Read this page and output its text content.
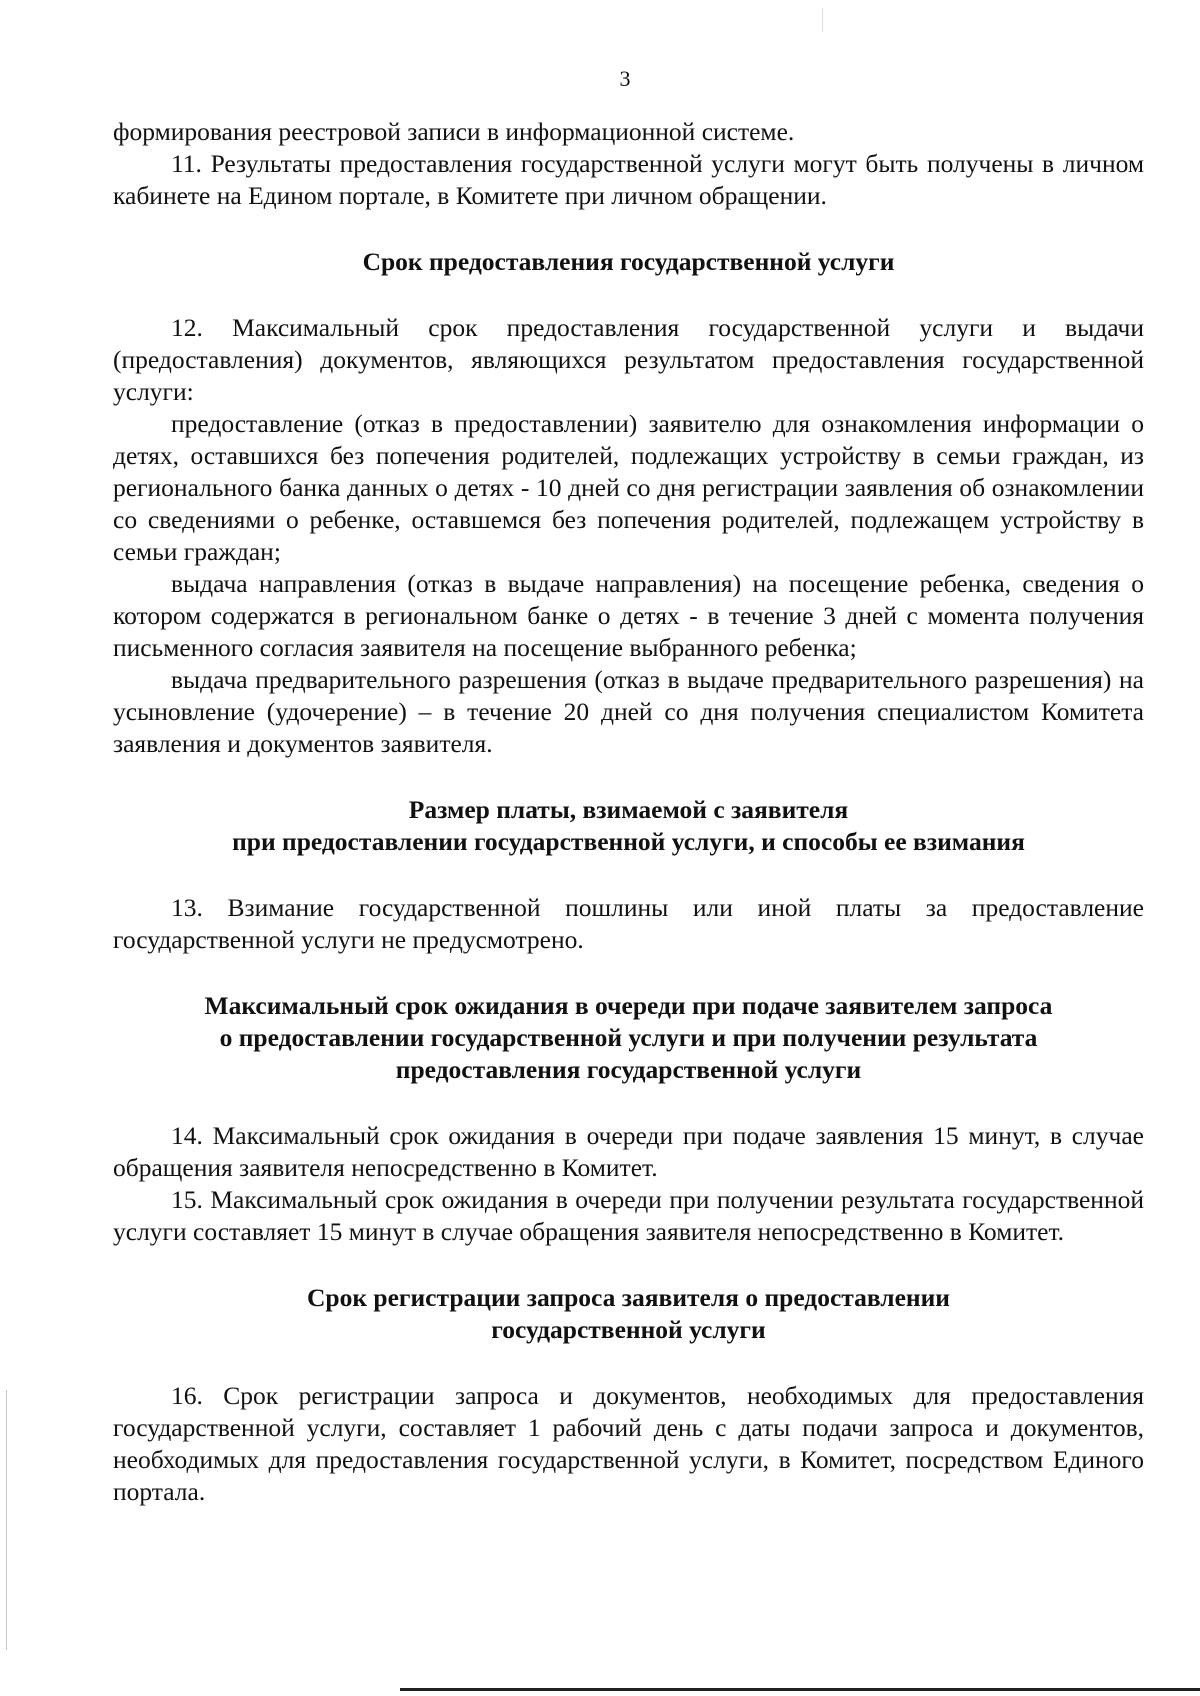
3

формирования реестровой записи в информационной системе.

11. Результаты предоставления государственной услуги могут быть получены в личном кабинете на Едином портале, в Комитете при личном обращении.

Срок предоставления государственной услуги

12. Максимальный срок предоставления государственной услуги и выдачи (предоставления) документов, являющихся результатом предоставления государственной услуги:

предоставление (отказ в предоставлении) заявителю для ознакомления информации о детях, оставшихся без попечения родителей, подлежащих устройству в семьи граждан, из регионального банка данных о детях - 10 дней со дня регистрации заявления об ознакомлении со сведениями о ребенке, оставшемся без попечения родителей, подлежащем устройству в семьи граждан;

выдача направления (отказ в выдаче направления) на посещение ребенка, сведения о котором содержатся в региональном банке о детях - в течение 3 дней с момента получения письменного согласия заявителя на посещение выбранного ребенка;

выдача предварительного разрешения (отказ в выдаче предварительного разрешения) на усыновление (удочерение) – в течение 20 дней со дня получения специалистом Комитета заявления и документов заявителя.

Размер платы, взимаемой с заявителя
при предоставлении государственной услуги, и способы ее взимания

13. Взимание государственной пошлины или иной платы за предоставление государственной услуги не предусмотрено.

Максимальный срок ожидания в очереди при подаче заявителем запроса
о предоставлении государственной услуги и при получении результата
предоставления государственной услуги

14. Максимальный срок ожидания в очереди при подаче заявления 15 минут, в случае обращения заявителя непосредственно в Комитет.

15. Максимальный срок ожидания в очереди при получении результата государственной услуги составляет 15 минут в случае обращения заявителя непосредственно в Комитет.

Срок регистрации запроса заявителя о предоставлении
государственной услуги

16. Срок регистрации запроса и документов, необходимых для предоставления государственной услуги, составляет 1 рабочий день с даты подачи запроса и документов, необходимых для предоставления государственной услуги, в Комитет, посредством Единого портала.
